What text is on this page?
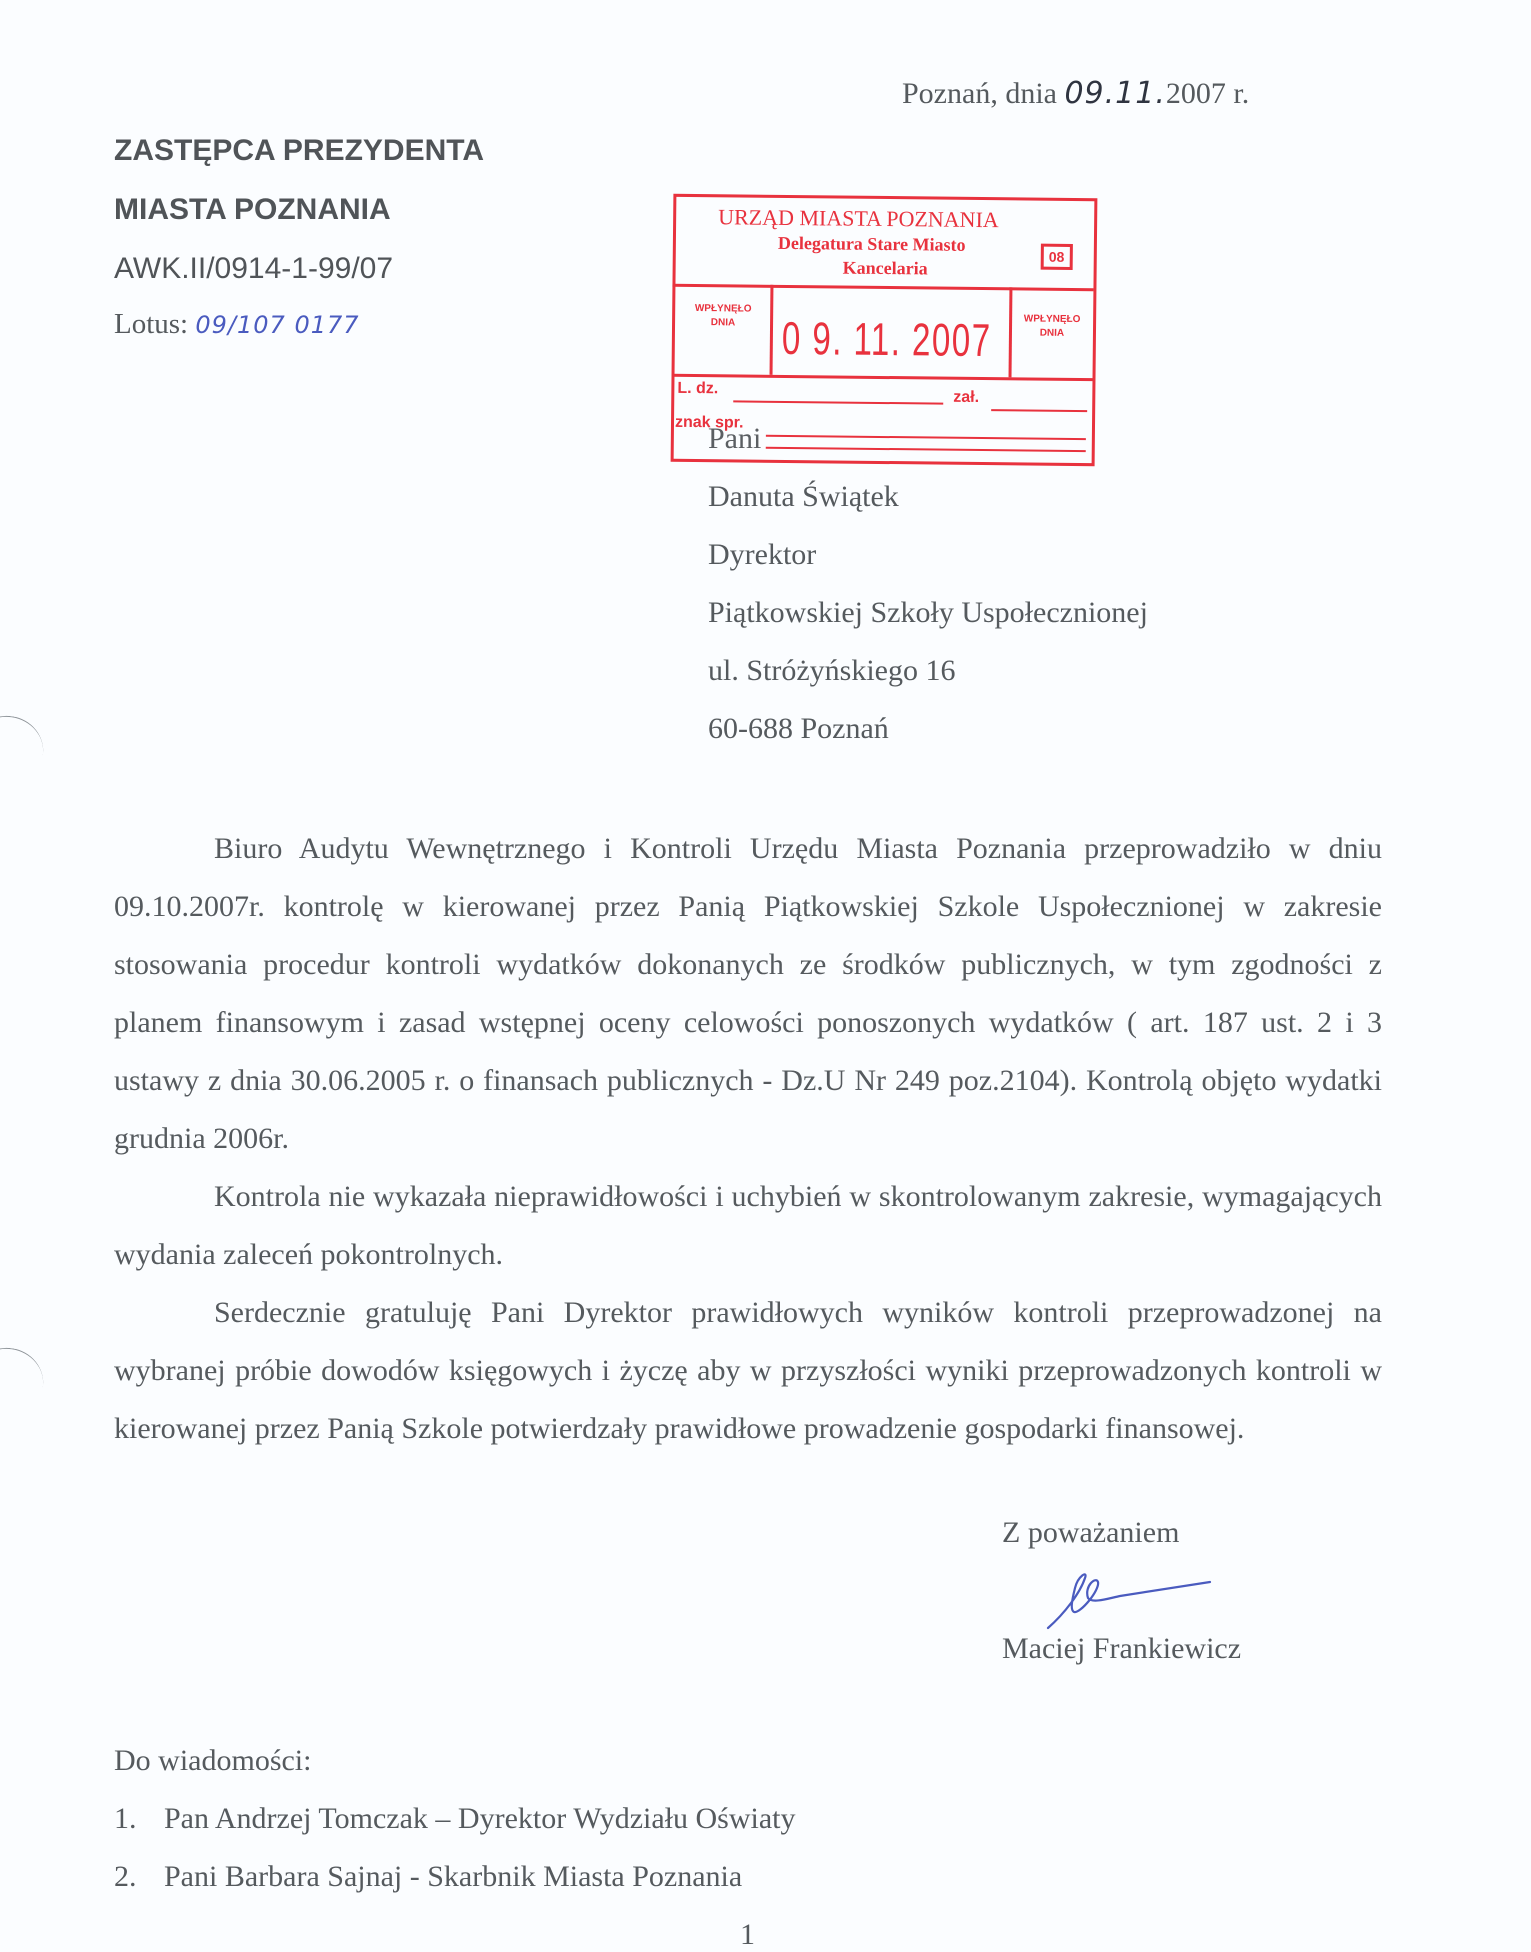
Poznań, dnia 09.11.2007 r.
ZASTĘPCA PREZYDENTA
MIASTA POZNANIA
AWK.II/0914-1-99/07
Lotus: 09/107 0177
URZĄD MIASTA POZNANIA
Delegatura Stare Miasto
Kancelaria
08
WPŁYNĘŁO
DNIA	0 9. 11. 2007	WPŁYNĘŁO
DNIA
L. dz.
zał.
znak spr.
Pani
Danuta Świątek
Dyrektor
Piątkowskiej Szkoły Uspołecznionej
ul. Stróżyńskiego 16
60-688 Poznań
Biuro Audytu Wewnętrznego i Kontroli Urzędu Miasta Poznania przeprowadziło w dniu 09.10.2007r. kontrolę w kierowanej przez Panią Piątkowskiej Szkole Uspołecznionej w zakresie stosowania procedur kontroli wydatków dokonanych ze środków publicznych, w tym zgodności z planem finansowym i zasad wstępnej oceny celowości ponoszonych wydatków ( art. 187 ust. 2 i 3 ustawy z dnia 30.06.2005 r. o finansach publicznych - Dz.U Nr 249 poz.2104). Kontrolą objęto wydatki grudnia 2006r.
Kontrola nie wykazała nieprawidłowości i uchybień w skontrolowanym zakresie, wymagających wydania zaleceń pokontrolnych.
Serdecznie gratuluję Pani Dyrektor prawidłowych wyników kontroli przeprowadzonej na wybranej próbie dowodów księgowych i życzę aby w przyszłości wyniki przeprowadzonych kontroli w kierowanej przez Panią Szkole potwierdzały prawidłowe prowadzenie gospodarki finansowej.
Z poważaniem
Maciej Frankiewicz
Do wiadomości:
1. Pan Andrzej Tomczak – Dyrektor Wydziału Oświaty
2. Pani Barbara Sajnaj - Skarbnik Miasta Poznania
1
